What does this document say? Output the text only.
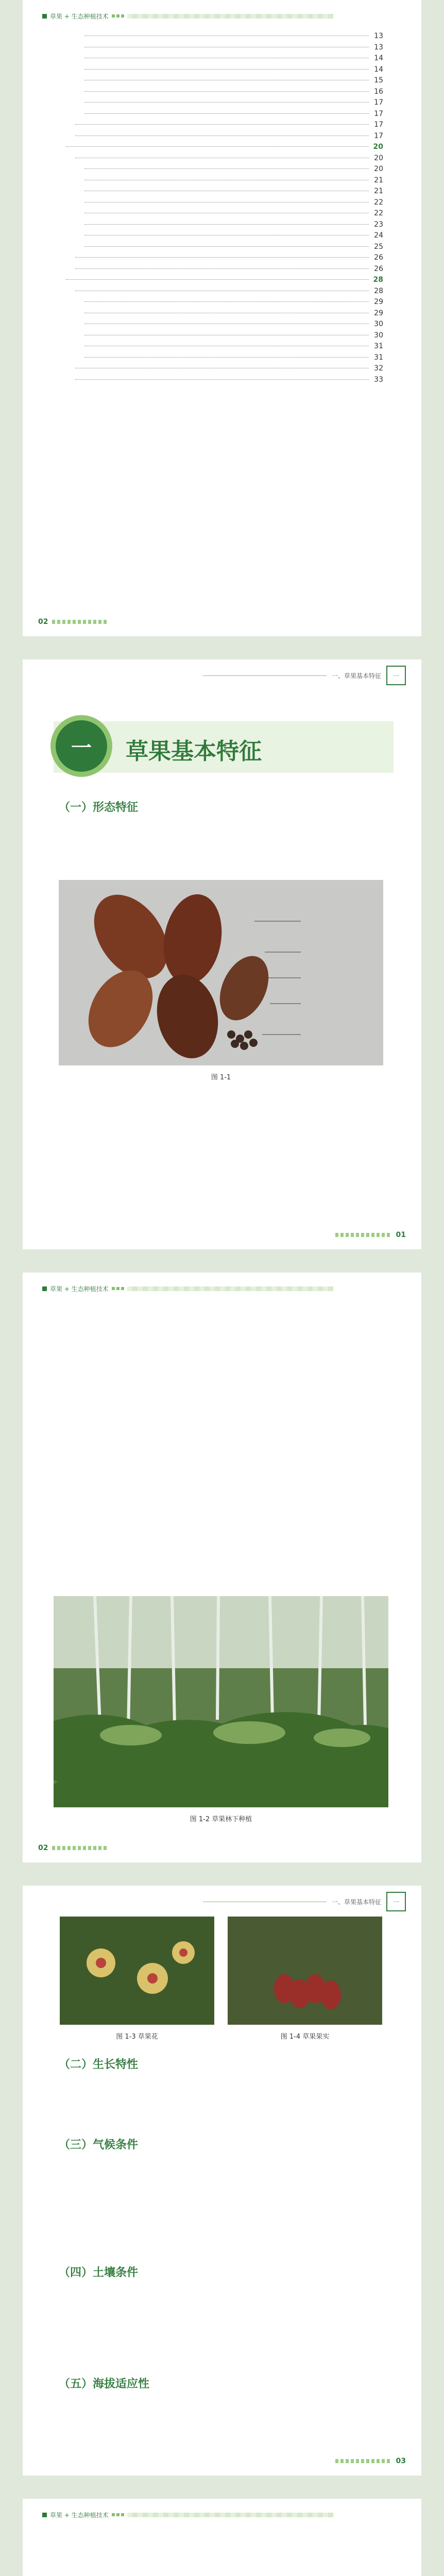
草果 + 生态种植技术
13
13
14
14
15
16
17
17
17
17
20
20
20
21
21
22
22
23
24
25
26
26
28
28
29
29
30
30
31
31
32
33
02
一、草果基本特征	一
一	草果基本特征
（一）形态特征
图 1-1
01
草果 + 生态种植技术
图 1-2 草果林下种植
02
一、草果基本特征	一
图 1-3 草果花	图 1-4 草果果实
（二）生长特性
（三）气候条件
（四）土壤条件
（五）海拔适应性
03
草果 + 生态种植技术
